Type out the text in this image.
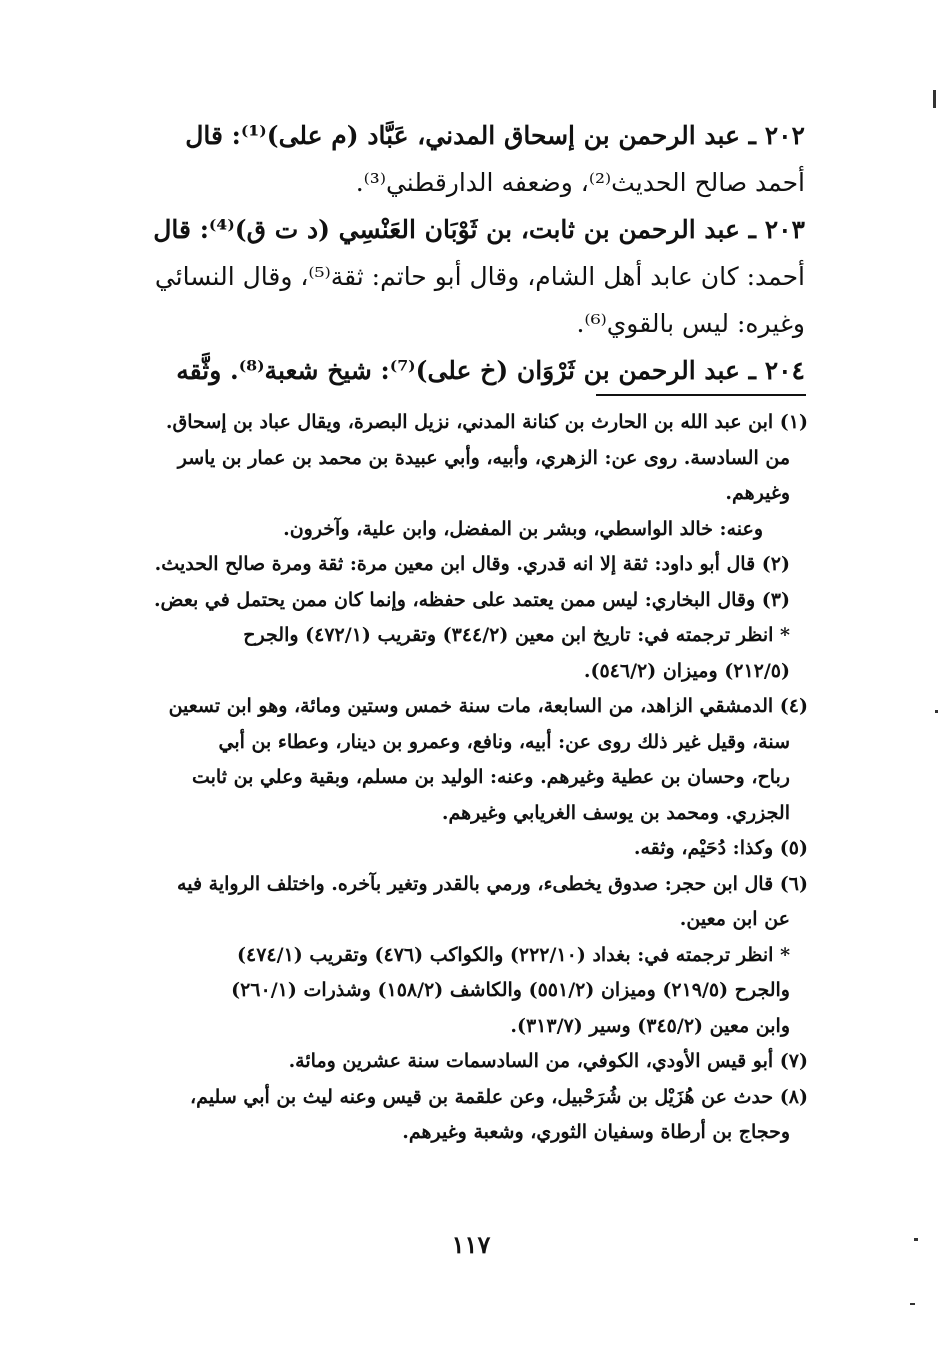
٢٠٢ ـ عبد الرحمن بن إسحاق المدني، عَبَّاد (م على)⁽¹⁾: قال
أحمد صالح الحديث⁽²⁾، وضعفه الدارقطني⁽³⁾.
٢٠٣ ـ عبد الرحمن بن ثابت، بن ثَوْبَان العَنْسِي (د ت ق)⁽⁴⁾: قال
أحمد: كان عابد أهل الشام، وقال أبو حاتم: ثقة⁽⁵⁾، وقال النسائي
وغيره: ليس بالقوي⁽⁶⁾.
٢٠٤ ـ عبد الرحمن بن ثَرْوَان (خ على)⁽⁷⁾: شيخ شعبة⁽⁸⁾. وثَّقه
(١) ابن عبد الله بن الحارث بن كنانة المدني، نزيل البصرة، ويقال عباد بن إسحاق.
من السادسة. روى عن: الزهري، وأبيه، وأبي عبيدة بن محمد بن عمار بن ياسر
وغيرهم.
وعنه: خالد الواسطي، وبشر بن المفضل، وابن علية، وآخرون.
(٢) قال أبو داود: ثقة إلا انه قدري. وقال ابن معين مرة: ثقة ومرة صالح الحديث.
(٣) وقال البخاري: ليس ممن يعتمد على حفظه، وإنما كان ممن يحتمل في بعض.
* انظر ترجمته في: تاريخ ابن معين (٣٤٤/٢) وتقريب (٤٧٢/١) والجرح
(٢١٢/٥) وميزان (٥٤٦/٢).
(٤) الدمشقي الزاهد، من السابعة، مات سنة خمس وستين ومائة، وهو ابن تسعين
سنة، وقيل غير ذلك روى عن: أبيه، ونافع، وعمرو بن دينار، وعطاء بن أبي
رباح، وحسان بن عطية وغيرهم. وعنه: الوليد بن مسلم، وبقية وعلي بن ثابت
الجزري. ومحمد بن يوسف الغريابي وغيرهم.
(٥) وكذا: دُحَيْم، وثقه.
(٦) قال ابن حجر: صدوق يخطىء، ورمي بالقدر وتغير بآخره. واختلف الرواية فيه
عن ابن معين.
* انظر ترجمته في: بغداد (٢٢٢/١٠) والكواكب (٤٧٦) وتقريب (٤٧٤/١)
والجرح (٢١٩/٥) وميزان (٥٥١/٢) والكاشف (١٥٨/٢) وشذرات (٢٦٠/١)
وابن معين (٣٤٥/٢) وسير (٣١٣/٧).
(٧) أبو قيس الأودي، الكوفي، من السادسمات سنة عشرين ومائة.
(٨) حدث عن هُزَيْل بن شُرَحْبيل، وعن علقمة بن قيس وعنه ليث بن أبي سليم،
وحجاج بن أرطاة وسفيان الثوري، وشعبة وغيرهم.
١١٧
